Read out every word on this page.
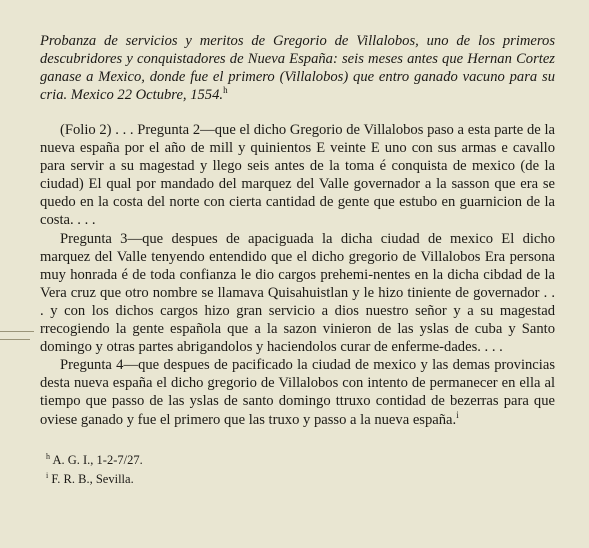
Probanza de servicios y meritos de Gregorio de Villalobos, uno de los primeros descubridores y conquistadores de Nueva España: seis meses antes que Hernan Cortez ganase a Mexico, donde fue el primero (Villalobos) que entro ganado vacuno para su cria. Mexico 22 Octubre, 1554.$^h$

(Folio 2) . . . Pregunta 2—que el dicho Gregorio de Villalobos paso a esta parte de la nueva españa por el año de mill y quinientos E veinte E uno con sus armas e cavallo para servir a su magestad y llego seis antes de la toma é conquista de mexico (de la ciudad) El qual por mandado del marquez del Valle governador a la sasson que era se quedo en la costa del norte con cierta cantidad de gente que estubo en guarnicion de la costa. . . .

Pregunta 3—que despues de apaciguada la dicha ciudad de mexico El dicho marquez del Valle tenyendo entendido que el dicho gregorio de Villalobos Era persona muy honrada é de toda confianza le dio cargos prehemi-nentes en la dicha cibdad de la Vera cruz que otro nombre se llamava Quisahuistlan y le hizo tiniente de governador . . . y con los dichos cargos hizo gran servicio a dios nuestro señor y a su magestad rrecogiendo la gente española que a la sazon vinieron de las yslas de cuba y Santo domingo y otras partes abrigandolos y haciendolos curar de enferme-dades. . . .

Pregunta 4—que despues de pacificado la ciudad de mexico y las demas provincias desta nueva españa el dicho gregorio de Villalobos con intento de permanecer en ella al tiempo que passo de las yslas de santo domingo ttruxo contidad de bezerras para que oviese ganado y fue el primero que las truxo y passo a la nueva españa.$^i$

$^h$ A. G. I., 1-2-7/27.
$^i$ F. R. B., Sevilla.
